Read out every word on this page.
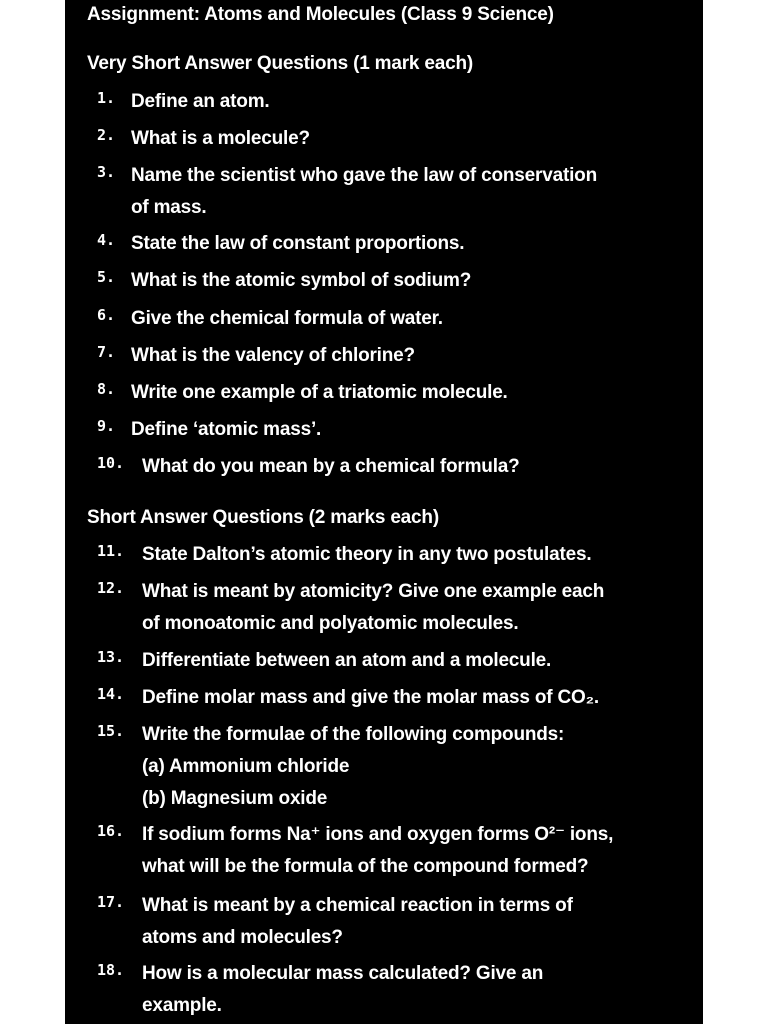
Assignment: Atoms and Molecules (Class 9 Science)
Very Short Answer Questions (1 mark each)
1. Define an atom.
2. What is a molecule?
3. Name the scientist who gave the law of conservation
of mass.
4. State the law of constant proportions.
5. What is the atomic symbol of sodium?
6. Give the chemical formula of water.
7. What is the valency of chlorine?
8. Write one example of a triatomic molecule.
9. Define ‘atomic mass’.
10. What do you mean by a chemical formula?
Short Answer Questions (2 marks each)
11. State Dalton’s atomic theory in any two postulates.
12. What is meant by atomicity? Give one example each
of monoatomic and polyatomic molecules.
13. Differentiate between an atom and a molecule.
14. Define molar mass and give the molar mass of CO₂.
15. Write the formulae of the following compounds:
(a) Ammonium chloride
(b) Magnesium oxide
16. If sodium forms Na⁺ ions and oxygen forms O²⁻ ions,
what will be the formula of the compound formed?
17. What is meant by a chemical reaction in terms of
atoms and molecules?
18. How is a molecular mass calculated? Give an
example.
